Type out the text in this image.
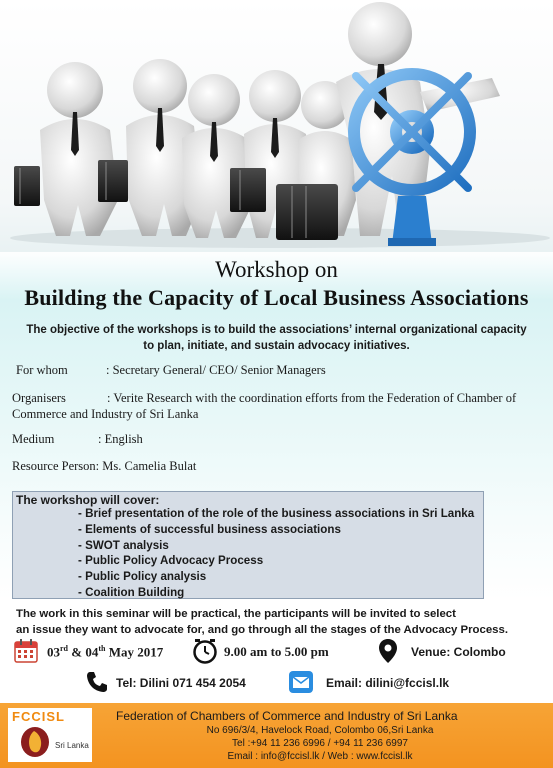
Workshop on
Building the Capacity of Local Business Associations
The objective of the workshops is to build the associations’ internal organizational capacity to plan, initiate, and sustain advocacy initiatives.
For whom	: Secretary General/ CEO/ Senior Managers
Organisers	: Verite Research with the coordination efforts from the Federation of Chamber of
Commerce and Industry of Sri Lanka
Medium	: English
Resource Person: Ms. Camelia Bulat
The workshop will cover:
- Brief presentation of the role of the business associations in Sri Lanka
- Elements of successful business associations
- SWOT analysis
- Public Policy Advocacy Process
- Public Policy analysis
- Coalition Building
The work in this seminar will be practical, the participants will be invited to select
an issue they want to advocate for, and go through all the stages of the Advocacy Process.
03rd & 04th May 2017	9.00 am to 5.00 pm	Venue: Colombo
Tel: Dilini 071 454 2054	Email: dilini@fccisl.lk
FCCISL
Sri Lanka
Federation of Chambers of Commerce and Industry of Sri Lanka
No 696/3/4, Havelock Road, Colombo 06,Sri Lanka
Tel :+94 11 236 6996 / +94 11 236 6997
Email : info@fccisl.lk / Web : www.fccisl.lk
